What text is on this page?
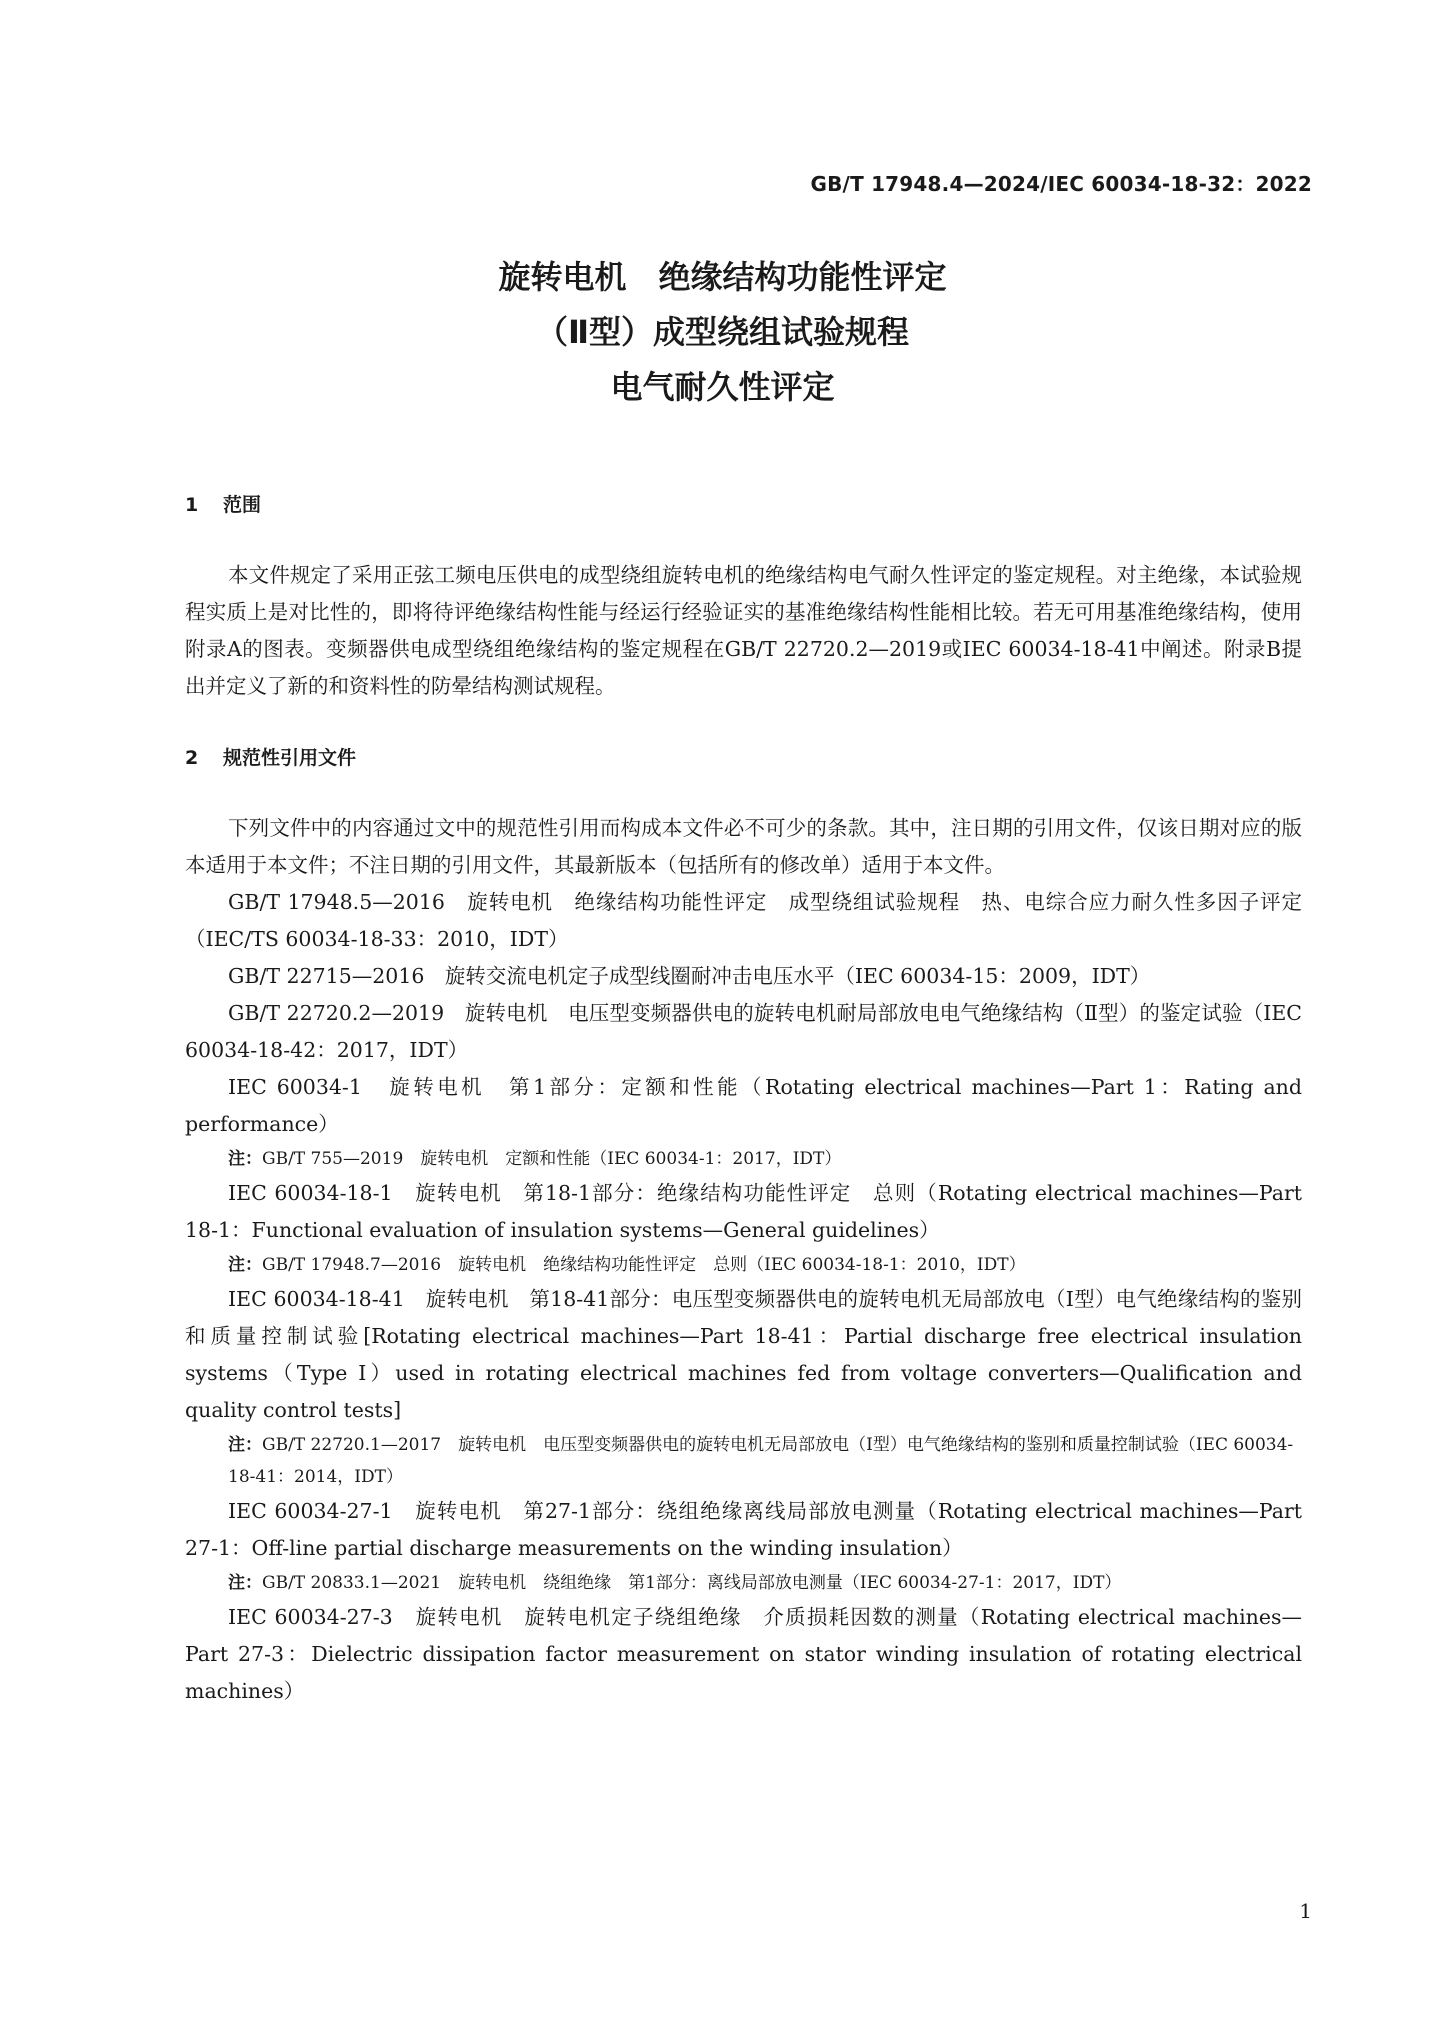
GB/T 17948.4—2024/IEC 60034-18-32：2022
旋转电机　绝缘结构功能性评定
（Ⅱ型）成型绕组试验规程
电气耐久性评定
1 范围

本文件规定了采用正弦工频电压供电的成型绕组旋转电机的绝缘结构电气耐久性评定的鉴定规程。对主绝缘，本试验规程实质上是对比性的，即将待评绝缘结构性能与经运行经验证实的基准绝缘结构性能相比较。若无可用基准绝缘结构，使用附录A的图表。变频器供电成型绕组绝缘结构的鉴定规程在GB/T 22720.2—2019或IEC 60034-18-41中阐述。附录B提出并定义了新的和资料性的防晕结构测试规程。

2 规范性引用文件

下列文件中的内容通过文中的规范性引用而构成本文件必不可少的条款。其中，注日期的引用文件，仅该日期对应的版本适用于本文件；不注日期的引用文件，其最新版本（包括所有的修改单）适用于本文件。

GB/T 17948.5—2016　旋转电机　绝缘结构功能性评定　成型绕组试验规程　热、电综合应力耐久性多因子评定（IEC/TS 60034-18-33：2010，IDT）

GB/T 22715—2016　旋转交流电机定子成型线圈耐冲击电压水平（IEC 60034-15：2009，IDT）

GB/T 22720.2—2019　旋转电机　电压型变频器供电的旋转电机耐局部放电电气绝缘结构（Ⅱ型）的鉴定试验（IEC 60034-18-42：2017，IDT）

IEC 60034-1　旋转电机　第1部分：定额和性能（Rotating electrical machines—Part 1：Rating and performance）

注：GB/T 755—2019　旋转电机　定额和性能（IEC 60034-1：2017，IDT）

IEC 60034-18-1　旋转电机　第18-1部分：绝缘结构功能性评定　总则（Rotating electrical machines—Part 18-1：Functional evaluation of insulation systems—General guidelines）

注：GB/T 17948.7—2016　旋转电机　绝缘结构功能性评定　总则（IEC 60034-18-1：2010，IDT）

IEC 60034-18-41　旋转电机　第18-41部分：电压型变频器供电的旋转电机无局部放电（Ⅰ型）电气绝缘结构的鉴别和质量控制试验[Rotating electrical machines—Part 18-41：Partial discharge free electrical insulation systems（Type Ⅰ）used in rotating electrical machines fed from voltage converters—Qualification and quality control tests]

注：GB/T 22720.1—2017　旋转电机　电压型变频器供电的旋转电机无局部放电（Ⅰ型）电气绝缘结构的鉴别和质量控制试验（IEC 60034-18-41：2014，IDT）

IEC 60034-27-1　旋转电机　第27-1部分：绕组绝缘离线局部放电测量（Rotating electrical machines—Part 27-1：Off-line partial discharge measurements on the winding insulation）

注：GB/T 20833.1—2021　旋转电机　绕组绝缘　第1部分：离线局部放电测量（IEC 60034-27-1：2017，IDT）

IEC 60034-27-3　旋转电机　旋转电机定子绕组绝缘　介质损耗因数的测量（Rotating electrical machines—Part 27-3：Dielectric dissipation factor measurement on stator winding insulation of rotating electrical machines）

1
